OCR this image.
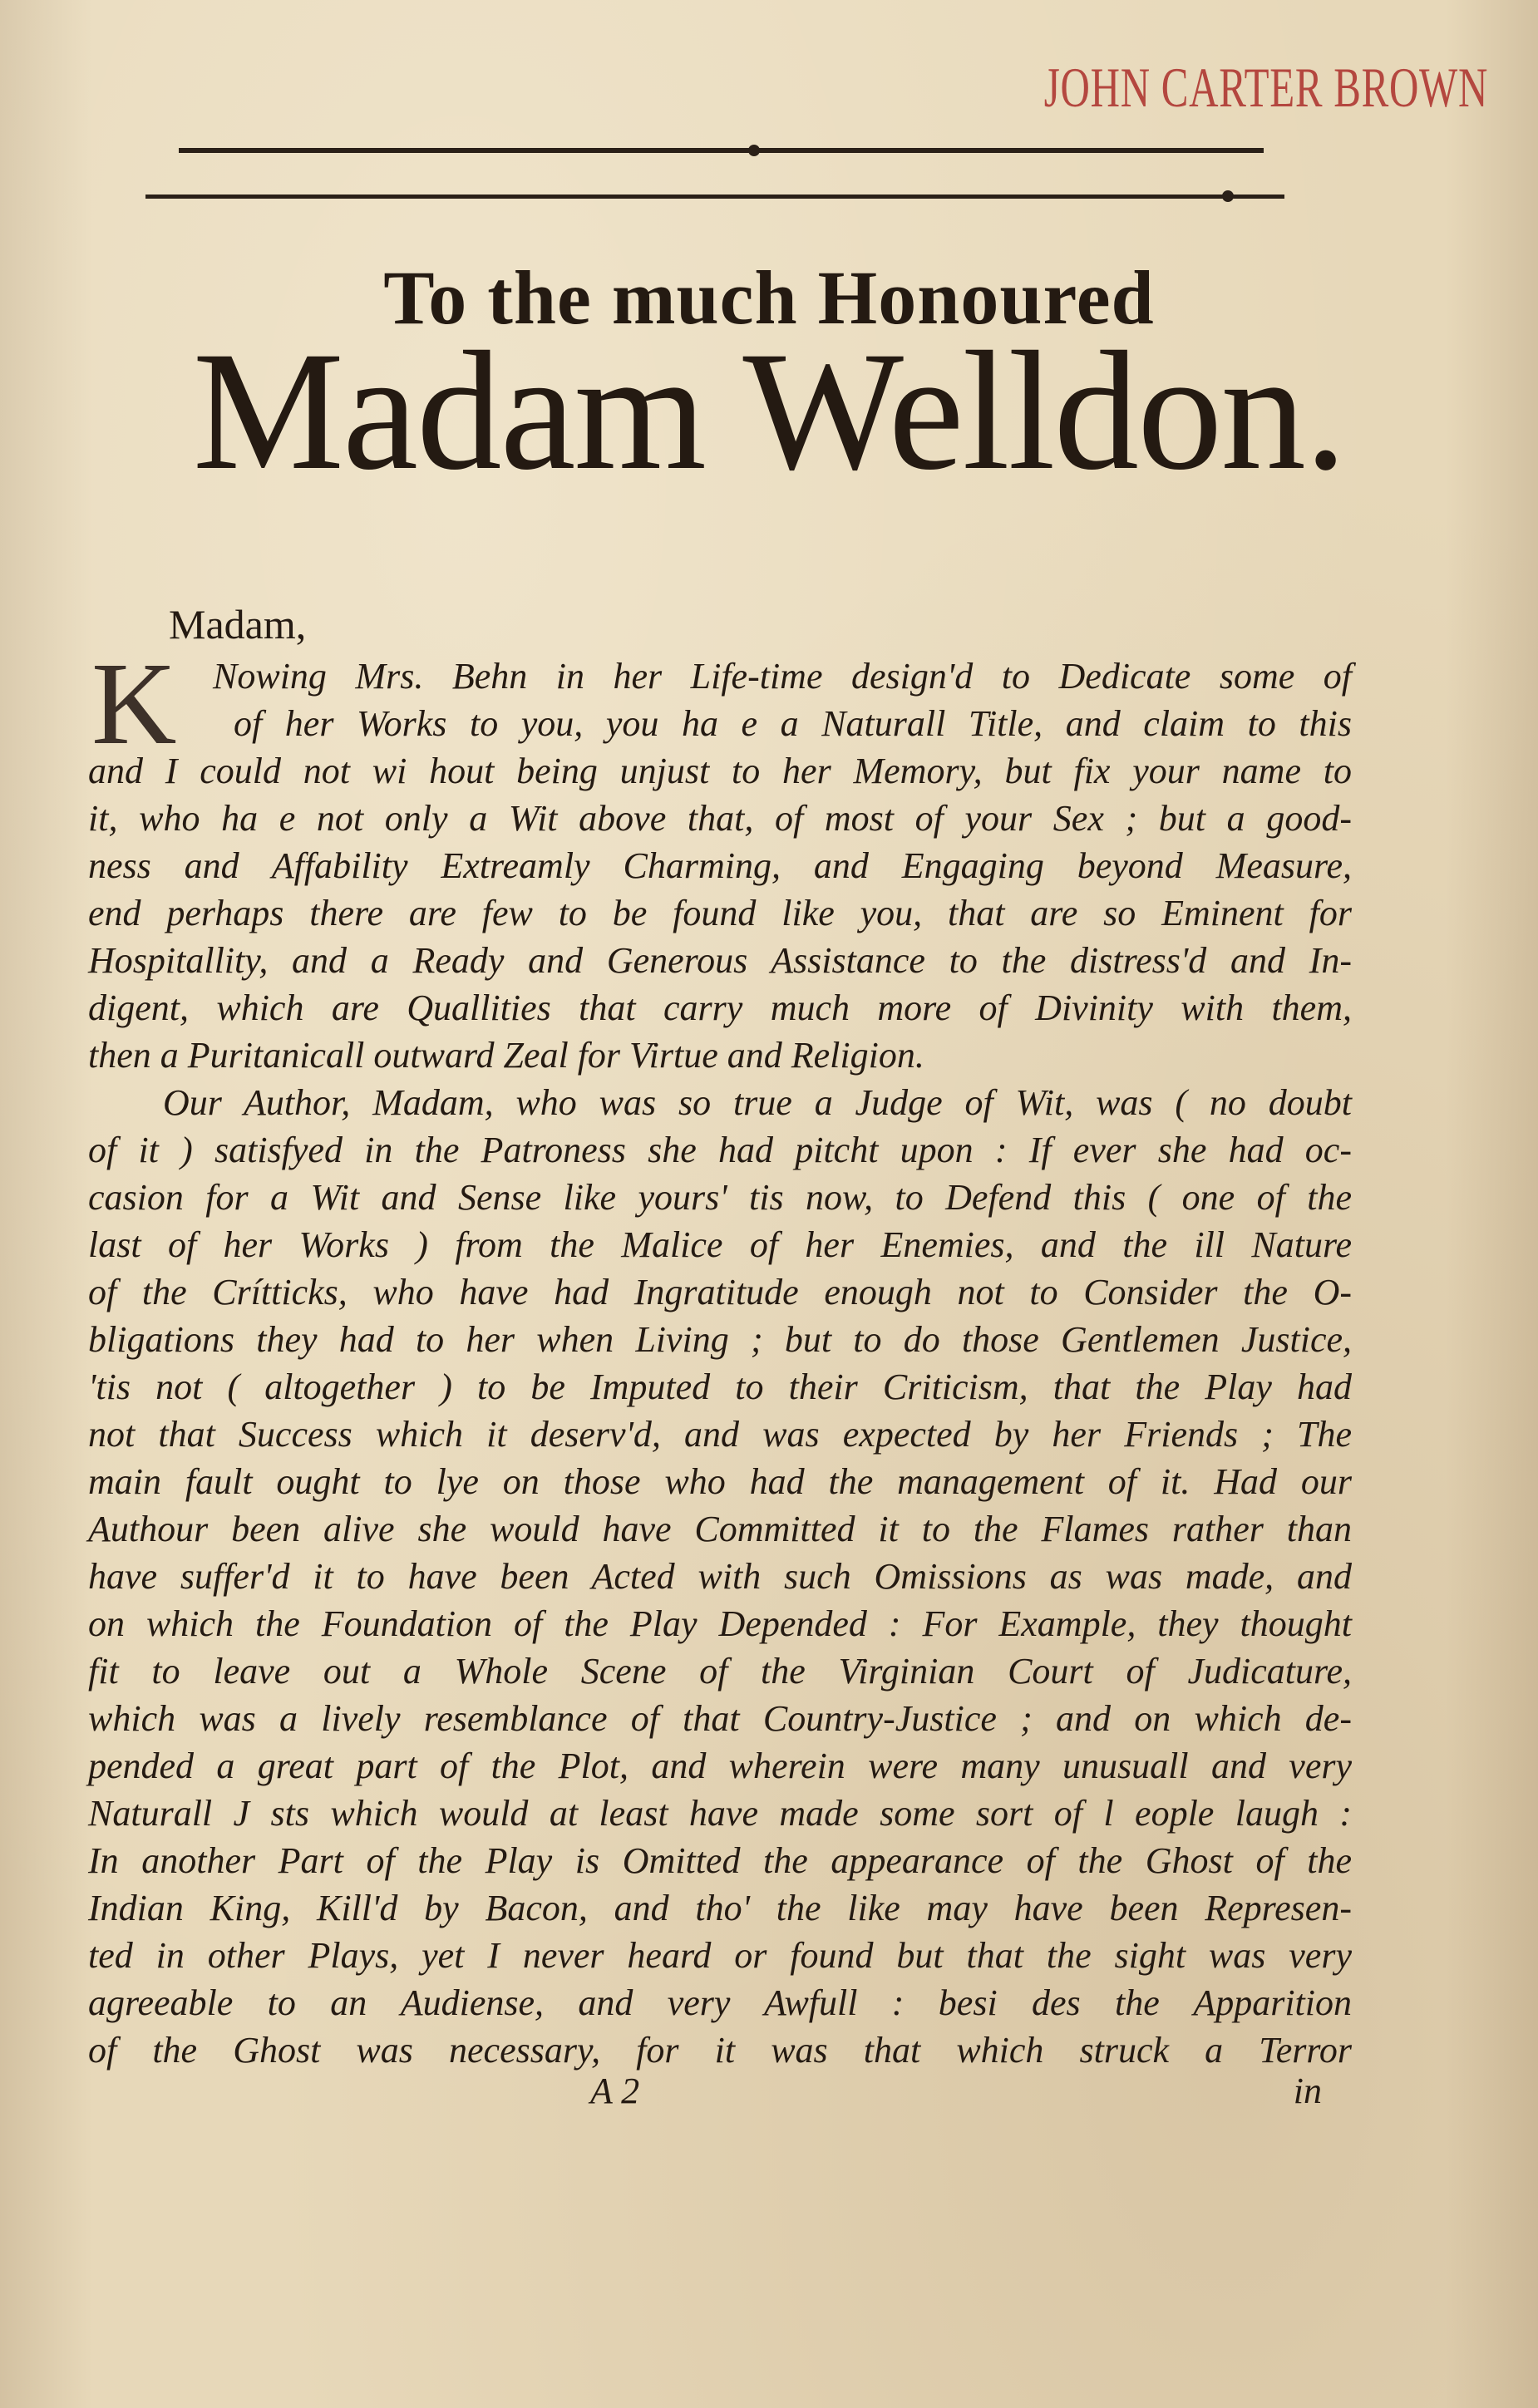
JOHN CARTER BROWN
To the much Honoured
Madam Welldon.
Madam,
K Nowing Mrs. Behn in her Life-time design'd to Dedicate some of
of her Works to you, you ha e a Naturall Title, and claim to this
and I could not wi hout being unjust to her Memory, but fix your name to
it, who ha e not only a Wit above that, of most of your Sex ; but a good-
ness and Affability Extreamly Charming, and Engaging beyond Measure,
end perhaps there are few to be found like you, that are so Eminent for
Hospitallity, and a Ready and Generous Assistance to the distress'd and In-
digent, which are Quallities that carry much more of Divinity with them,
then a Puritanicall outward Zeal for Virtue and Religion.
Our Author, Madam, who was so true a Judge of Wit, was ( no doubt
of it ) satisfyed in the Patroness she had pitcht upon : If ever she had oc-
casion for a Wit and Sense like yours' tis now, to Defend this ( one of the
last of her Works ) from the Malice of her Enemies, and the ill Nature
of the Crítticks, who have had Ingratitude enough not to Consider the O-
bligations they had to her when Living ; but to do those Gentlemen Justice,
'tis not ( altogether ) to be Imputed to their Criticism, that the Play had
not that Success which it deserv'd, and was expected by her Friends ; The
main fault ought to lye on those who had the management of it. Had our
Authour been alive she would have Committed it to the Flames rather than
have suffer'd it to have been Acted with such Omissions as was made, and
on which the Foundation of the Play Depended : For Example, they thought
fit to leave out a Whole Scene of the Virginian Court of Judicature,
which was a lively resemblance of that Country-Justice ; and on which de-
pended a great part of the Plot, and wherein were many unusuall and very
Naturall J sts which would at least have made some sort of l eople laugh :
In another Part of the Play is Omitted the appearance of the Ghost of the
Indian King, Kill'd by Bacon, and tho' the like may have been Represen-
ted in other Plays, yet I never heard or found but that the sight was very
agreeable to an Audiense, and very Awfull : besi des the Apparition
of the Ghost was necessary, for it was that which struck a Terror
A 2	in
